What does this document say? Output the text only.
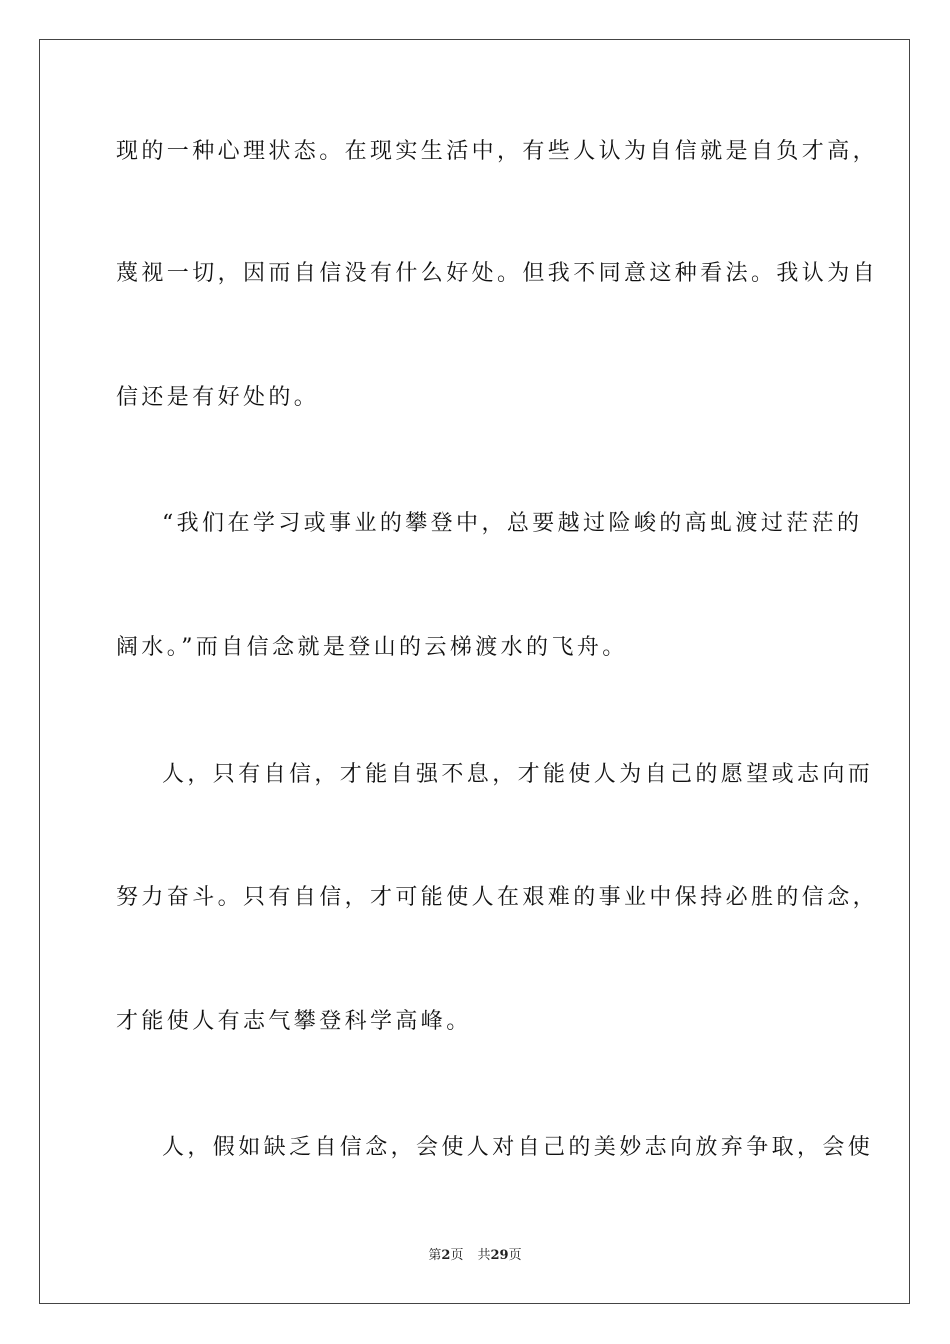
现的一种心理状态。在现实生活中，有些人认为自信就是自负才高，
蔑视一切，因而自信没有什么好处。但我不同意这种看法。我认为自
信还是有好处的。
“我们在学习或事业的攀登中，总要越过险峻的高虬渡过茫茫的
阔水。”而自信念就是登山的云梯渡水的飞舟。
人，只有自信，才能自强不息，才能使人为自己的愿望或志向而
努力奋斗。只有自信，才可能使人在艰难的事业中保持必胜的信念，
才能使人有志气攀登科学高峰。
人，假如缺乏自信念，会使人对自己的美妙志向放弃争取，会使
第2页 共29页
